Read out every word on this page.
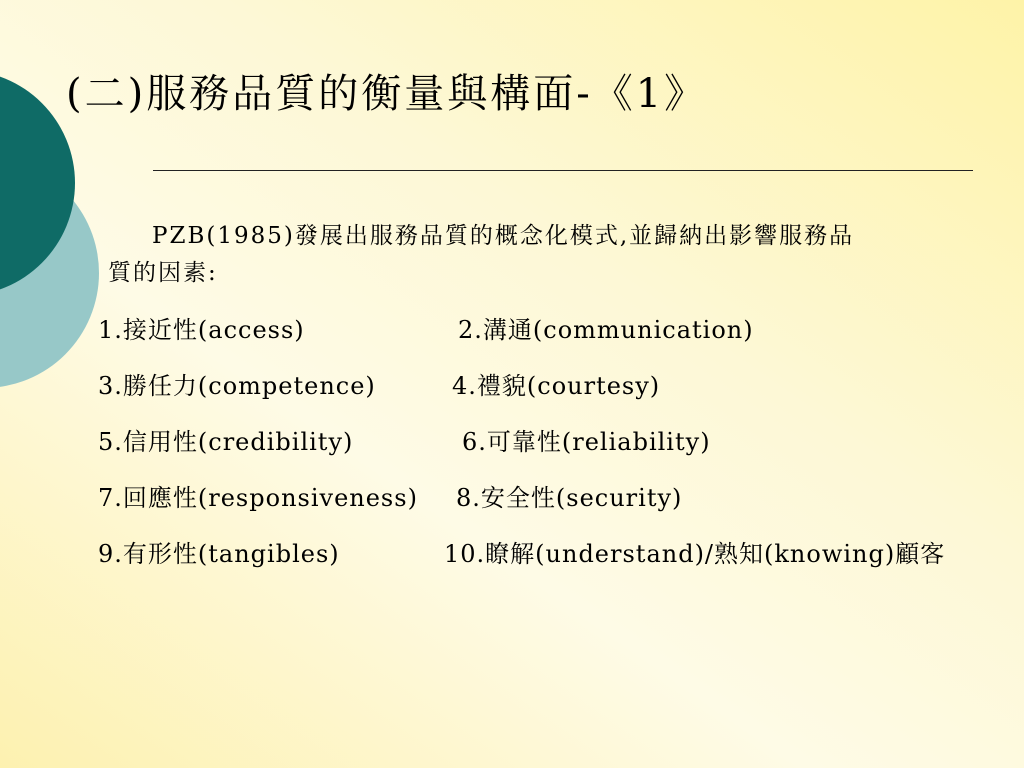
(二)服務品質的衡量與構面-《1》
PZB(1985)發展出服務品質的概念化模式,並歸納出影響服務品
質的因素:
1.接近性(access)	2.溝通(communication)
3.勝任力(competence)	4.禮貌(courtesy)
5.信用性(credibility)	6.可靠性(reliability)
7.回應性(responsiveness) 8.安全性(security)
9.有形性(tangibles)	10.瞭解(understand)/熟知(knowing)顧客
